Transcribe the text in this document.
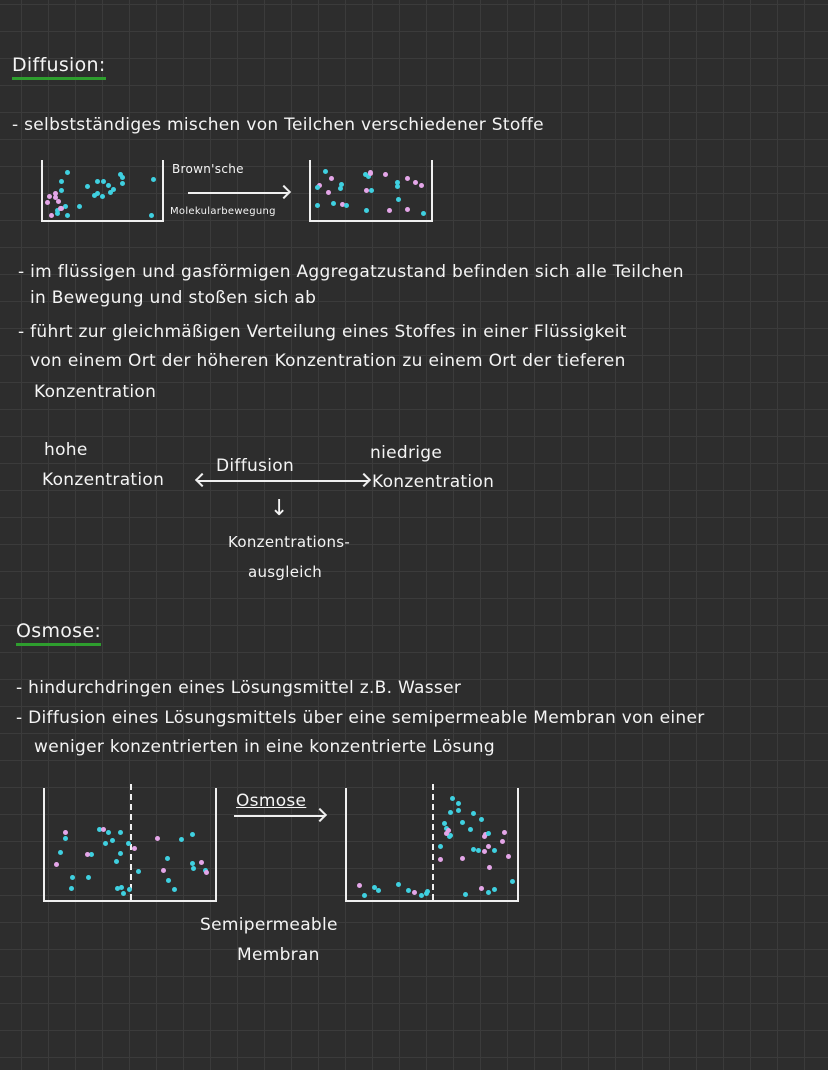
Diffusion:
- selbstständiges mischen von Teilchen verschiedener Stoffe
Brown'sche
Molekularbewegung
- im flüssigen und gasförmigen Aggregatzustand befinden sich alle Teilchen
in Bewegung und stoßen sich ab
- führt zur gleichmäßigen Verteilung eines Stoffes in einer Flüssigkeit
von einem Ort der höheren Konzentration zu einem Ort der tieferen
Konzentration
hohe
Konzentration
Diffusion
niedrige
Konzentration
↓
Konzentrations-
ausgleich
Osmose:
- hindurchdringen eines Lösungsmittel z.B. Wasser
- Diffusion eines Lösungsmittels über eine semipermeable Membran von einer
weniger konzentrierten in eine konzentrierte Lösung
Osmose
Semipermeable
Membran
